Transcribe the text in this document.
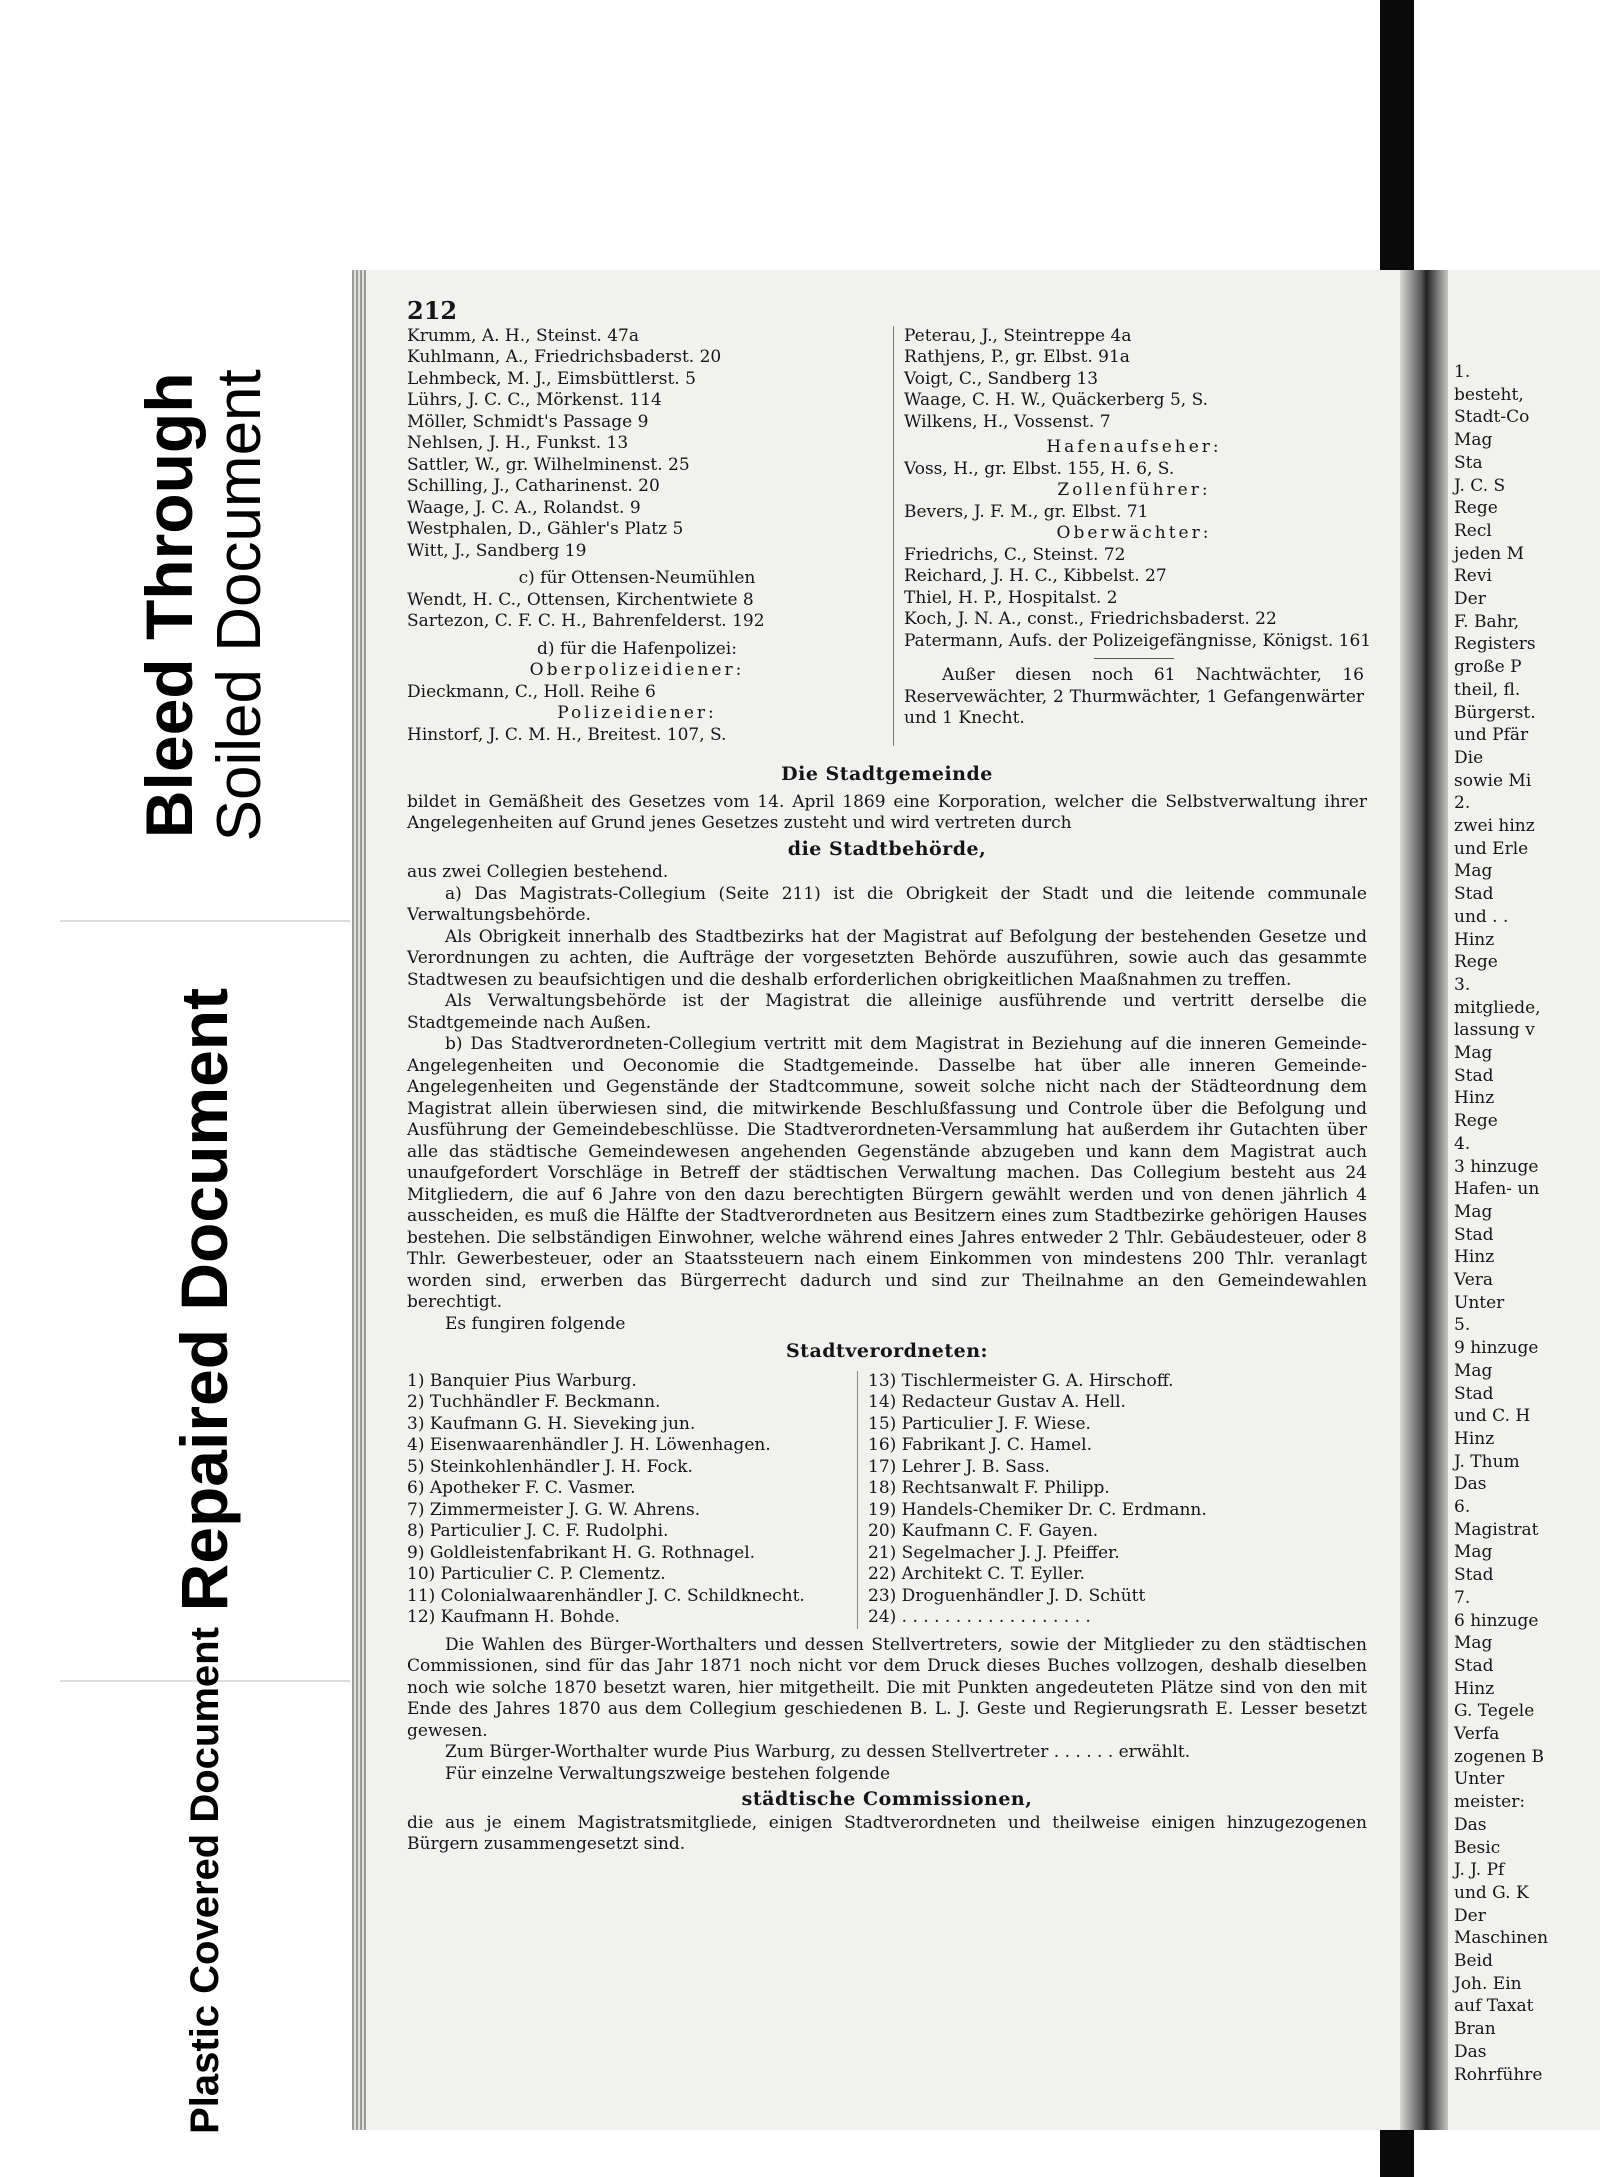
Bleed Through Soiled Document
Repaired Document
Plastic Covered Document
1.
besteht,
Stadt-Co
Mag
Sta
J. C. S
Rege
Recl
jeden M
Revi
Der
F. Bahr,
Registers
große P
theil, fl.
Bürgerst.
und Pfär
Die
sowie Mi
2.
zwei hinz
und Erle
Mag
Stad
und . .
Hinz
Rege
3.
mitgliede,
lassung v
Mag
Stad
Hinz
Rege
4.
3 hinzuge
Hafen- un
Mag
Stad
Hinz
Vera
Unter
5.
9 hinzuge
Mag
Stad
und C. H
Hinz
J. Thum
Das
6.
Magistrat
Mag
Stad
7.
6 hinzuge
Mag
Stad
Hinz
G. Tegele
Verfa
zogenen B
Unter
meister:
Das
Besic
J. J. Pf
und G. K
Der
Maschinen
Beid
Joh. Ein
auf Taxat
Bran
Das
Rohrführe
212
Krumm, A. H., Steinst. 47a
Kuhlmann, A., Friedrichsbaderst. 20
Lehmbeck, M. J., Eimsbüttlerst. 5
Lührs, J. C. C., Mörkenst. 114
Möller, Schmidt's Passage 9
Nehlsen, J. H., Funkst. 13
Sattler, W., gr. Wilhelminenst. 25
Schilling, J., Catharinenst. 20
Waage, J. C. A., Rolandst. 9
Westphalen, D., Gähler's Platz 5
Witt, J., Sandberg 19
c) für Ottensen-Neumühlen
Wendt, H. C., Ottensen, Kirchentwiete 8
Sartezon, C. F. C. H., Bahrenfelderst. 192
d) für die Hafenpolizei:
Oberpolizeidiener:
Dieckmann, C., Holl. Reihe 6
Polizeidiener:
Hinstorf, J. C. M. H., Breitest. 107, S.
Peterau, J., Steintreppe 4a
Rathjens, P., gr. Elbst. 91a
Voigt, C., Sandberg 13
Waage, C. H. W., Quäckerberg 5, S.
Wilkens, H., Vossenst. 7
Hafenaufseher:
Voss, H., gr. Elbst. 155, H. 6, S.
Zollenführer:
Bevers, J. F. M., gr. Elbst. 71
Oberwächter:
Friedrichs, C., Steinst. 72
Reichard, J. H. C., Kibbelst. 27
Thiel, H. P., Hospitalst. 2
Koch, J. N. A., const., Friedrichsbaderst. 22
Patermann, Aufs. der Polizeigefängnisse, Königst. 161
Außer diesen noch 61 Nachtwächter, 16 Reservewächter, 2 Thurmwächter, 1 Gefangenwärter und 1 Knecht.
Die Stadtgemeinde
bildet in Gemäßheit des Gesetzes vom 14. April 1869 eine Korporation, welcher die Selbstverwaltung ihrer Angelegenheiten auf Grund jenes Gesetzes zusteht und wird vertreten durch
die Stadtbehörde,
aus zwei Collegien bestehend.
a) Das Magistrats-Collegium (Seite 211) ist die Obrigkeit der Stadt und die leitende communale Verwaltungsbehörde.
Als Obrigkeit innerhalb des Stadtbezirks hat der Magistrat auf Befolgung der bestehenden Gesetze und Verordnungen zu achten, die Aufträge der vorgesetzten Behörde auszuführen, sowie auch das gesammte Stadtwesen zu beaufsichtigen und die deshalb erforderlichen obrigkeitlichen Maaßnahmen zu treffen.
Als Verwaltungsbehörde ist der Magistrat die alleinige ausführende und vertritt derselbe die Stadtgemeinde nach Außen.
b) Das Stadtverordneten-Collegium vertritt mit dem Magistrat in Beziehung auf die inneren Gemeinde-Angelegenheiten und Oeconomie die Stadtgemeinde. Dasselbe hat über alle inneren Gemeinde-Angelegenheiten und Gegenstände der Stadtcommune, soweit solche nicht nach der Städteordnung dem Magistrat allein überwiesen sind, die mitwirkende Beschlußfassung und Controle über die Befolgung und Ausführung der Gemeindebeschlüsse. Die Stadtverordneten-Versammlung hat außerdem ihr Gutachten über alle das städtische Gemeindewesen angehenden Gegenstände abzugeben und kann dem Magistrat auch unaufgefordert Vorschläge in Betreff der städtischen Verwaltung machen. Das Collegium besteht aus 24 Mitgliedern, die auf 6 Jahre von den dazu berechtigten Bürgern gewählt werden und von denen jährlich 4 ausscheiden, es muß die Hälfte der Stadtverordneten aus Besitzern eines zum Stadtbezirke gehörigen Hauses bestehen. Die selbständigen Einwohner, welche während eines Jahres entweder 2 Thlr. Gebäudesteuer, oder 8 Thlr. Gewerbesteuer, oder an Staatssteuern nach einem Einkommen von mindestens 200 Thlr. veranlagt worden sind, erwerben das Bürgerrecht dadurch und sind zur Theilnahme an den Gemeindewahlen berechtigt.
Es fungiren folgende
Stadtverordneten:
1) Banquier Pius Warburg.
2) Tuchhändler F. Beckmann.
3) Kaufmann G. H. Sieveking jun.
4) Eisenwaarenhändler J. H. Löwenhagen.
5) Steinkohlenhändler J. H. Fock.
6) Apotheker F. C. Vasmer.
7) Zimmermeister J. G. W. Ahrens.
8) Particulier J. C. F. Rudolphi.
9) Goldleistenfabrikant H. G. Rothnagel.
10) Particulier C. P. Clementz.
11) Colonialwaarenhändler J. C. Schildknecht.
12) Kaufmann H. Bohde.
13) Tischlermeister G. A. Hirschoff.
14) Redacteur Gustav A. Hell.
15) Particulier J. F. Wiese.
16) Fabrikant J. C. Hamel.
17) Lehrer J. B. Sass.
18) Rechtsanwalt F. Philipp.
19) Handels-Chemiker Dr. C. Erdmann.
20) Kaufmann C. F. Gayen.
21) Segelmacher J. J. Pfeiffer.
22) Architekt C. T. Eyller.
23) Droguenhändler J. D. Schütt
24) . . . . . . . . . . . . . . . . . .
Die Wahlen des Bürger-Worthalters und dessen Stellvertreters, sowie der Mitglieder zu den städtischen Commissionen, sind für das Jahr 1871 noch nicht vor dem Druck dieses Buches vollzogen, deshalb dieselben noch wie solche 1870 besetzt waren, hier mitgetheilt. Die mit Punkten angedeuteten Plätze sind von den mit Ende des Jahres 1870 aus dem Collegium geschiedenen B. L. J. Geste und Regierungsrath E. Lesser besetzt gewesen.
Zum Bürger-Worthalter wurde Pius Warburg, zu dessen Stellvertreter . . . . . . erwählt.
Für einzelne Verwaltungszweige bestehen folgende
städtische Commissionen,
die aus je einem Magistratsmitgliede, einigen Stadtverordneten und theilweise einigen hinzugezogenen Bürgern zusammengesetzt sind.
